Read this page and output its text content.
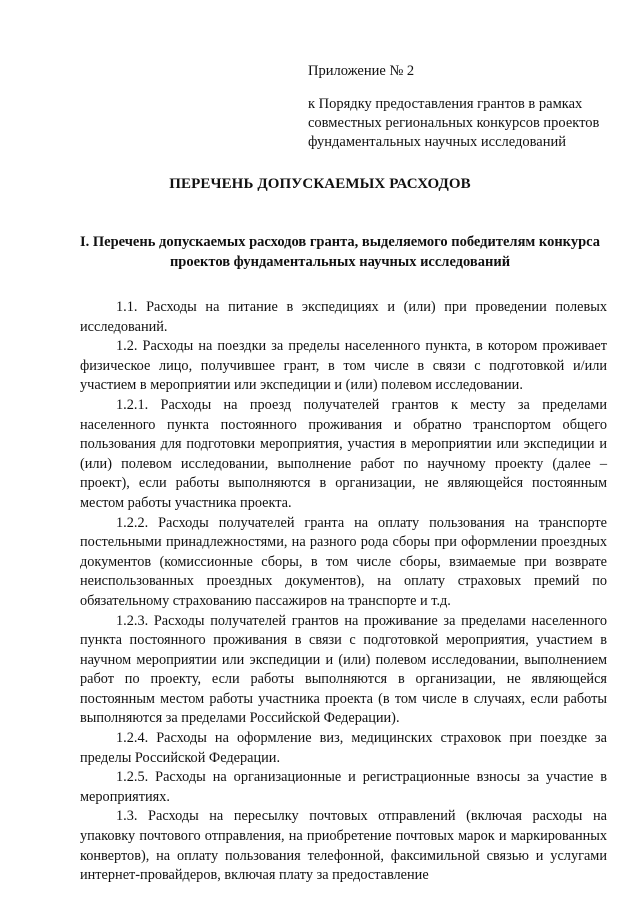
Приложение № 2
к Порядку предоставления грантов в рамках
совместных региональных конкурсов проектов
фундаментальных научных исследований
ПЕРЕЧЕНЬ ДОПУСКАЕМЫХ РАСХОДОВ
I. Перечень допускаемых расходов гранта, выделяемого победителям конкурса проектов фундаментальных научных исследований

1.1. Расходы на питание в экспедициях и (или) при проведении полевых исследований.

1.2. Расходы на поездки за пределы населенного пункта, в котором проживает физическое лицо, получившее грант, в том числе в связи с подготовкой и/или участием в мероприятии или экспедиции и (или) полевом исследовании.

1.2.1. Расходы на проезд получателей грантов к месту за пределами населенного пункта постоянного проживания и обратно транспортом общего пользования для подготовки мероприятия, участия в мероприятии или экспедиции и (или) полевом исследовании, выполнение работ по научному проекту (далее – проект), если работы выполняются в организации, не являющейся постоянным местом работы участника проекта.

1.2.2. Расходы получателей гранта на оплату пользования на транспорте постельными принадлежностями, на разного рода сборы при оформлении проездных документов (комиссионные сборы, в том числе сборы, взимаемые при возврате неиспользованных проездных документов), на оплату страховых премий по обязательному страхованию пассажиров на транспорте и т.д.

1.2.3. Расходы получателей грантов на проживание за пределами населенного пункта постоянного проживания в связи с подготовкой мероприятия, участием в научном мероприятии или экспедиции и (или) полевом исследовании, выполнением работ по проекту, если работы выполняются в организации, не являющейся постоянным местом работы участника проекта (в том числе в случаях, если работы выполняются за пределами Российской Федерации).

1.2.4. Расходы на оформление виз, медицинских страховок при поездке за пределы Российской Федерации.

1.2.5. Расходы на организационные и регистрационные взносы за участие в мероприятиях.

1.3. Расходы на пересылку почтовых отправлений (включая расходы на упаковку почтового отправления, на приобретение почтовых марок и маркированных конвертов), на оплату пользования телефонной, факсимильной связью и услугами интернет-провайдеров, включая плату за предоставление
